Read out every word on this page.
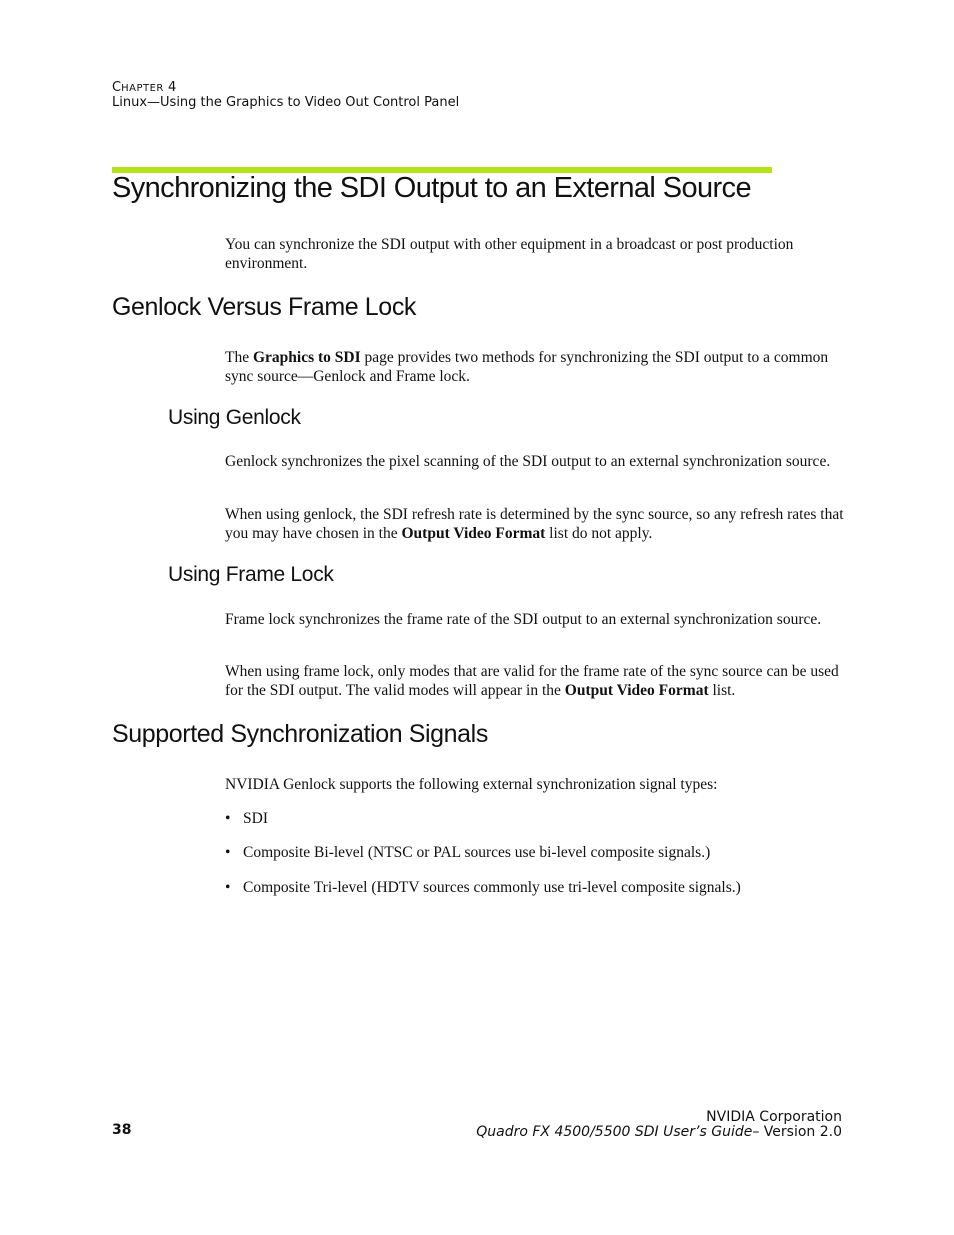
CHAPTER 4
Linux—Using the Graphics to Video Out Control Panel
Synchronizing the SDI Output to an External Source
You can synchronize the SDI output with other equipment in a broadcast or post production environment.
Genlock Versus Frame Lock
The Graphics to SDI page provides two methods for synchronizing the SDI output to a common sync source—Genlock and Frame lock.
Using Genlock
Genlock synchronizes the pixel scanning of the SDI output to an external synchronization source.
When using genlock, the SDI refresh rate is determined by the sync source, so any refresh rates that you may have chosen in the Output Video Format list do not apply.
Using Frame Lock
Frame lock synchronizes the frame rate of the SDI output to an external synchronization source.
When using frame lock, only modes that are valid for the frame rate of the sync source can be used for the SDI output. The valid modes will appear in the Output Video Format list.
Supported Synchronization Signals
NVIDIA Genlock supports the following external synchronization signal types:
• SDI
• Composite Bi-level (NTSC or PAL sources use bi-level composite signals.)
• Composite Tri-level (HDTV sources commonly use tri-level composite signals.)
38
NVIDIA Corporation
Quadro FX 4500/5500 SDI User’s Guide– Version 2.0
